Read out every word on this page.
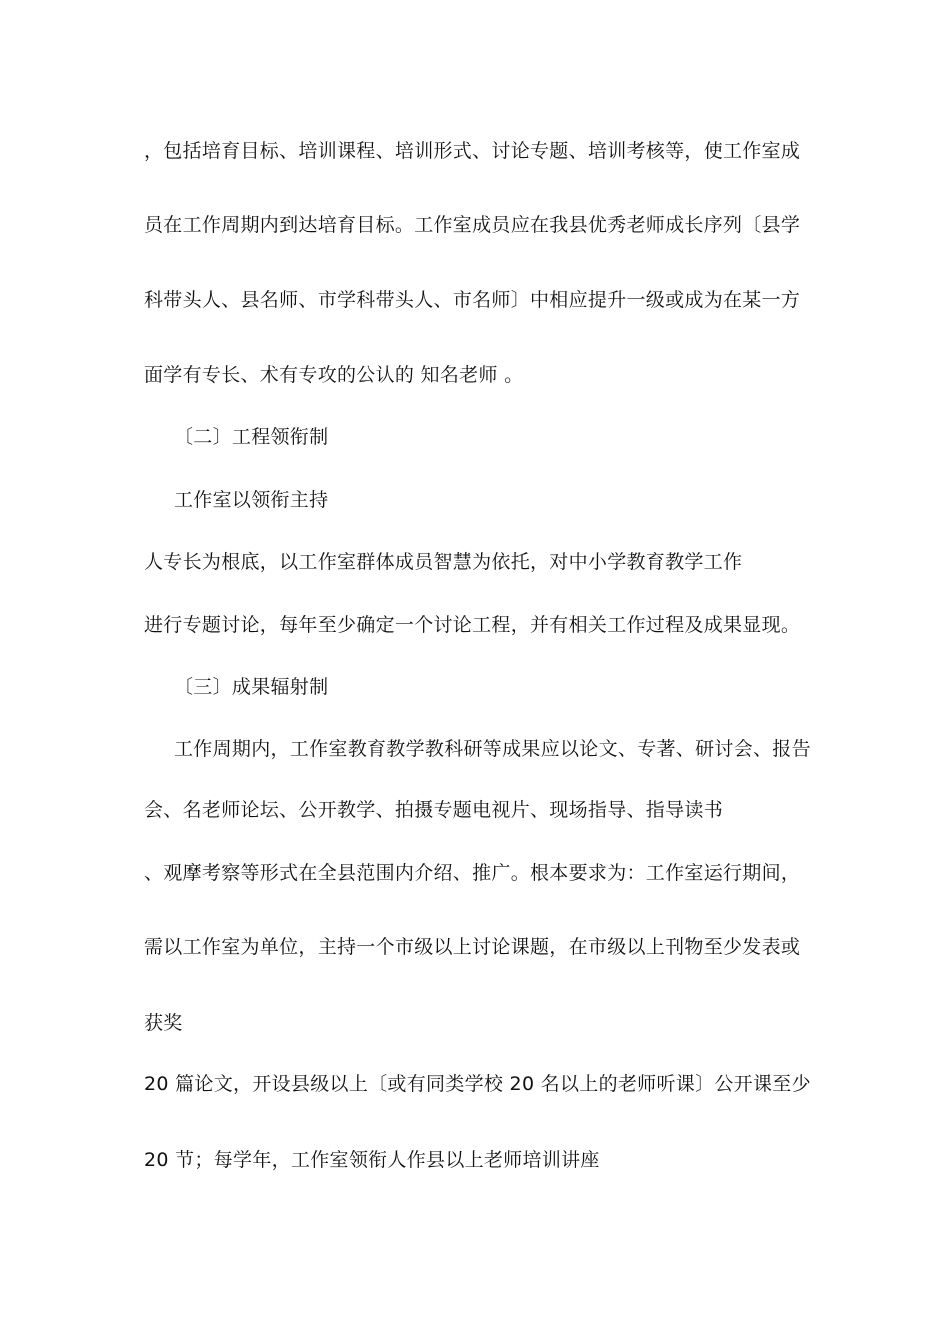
，包括培育目标、培训课程、培训形式、讨论专题、培训考核等，使工作室成
员在工作周期内到达培育目标。工作室成员应在我县优秀老师成长序列〔县学
科带头人、县名师、市学科带头人、市名师〕中相应提升一级或成为在某一方
面学有专长、术有专攻的公认的 知名老师 。
〔二〕工程领衔制
工作室以领衔主持
人专长为根底，以工作室群体成员智慧为依托，对中小学教育教学工作
进行专题讨论，每年至少确定一个讨论工程，并有相关工作过程及成果显现。
〔三〕成果辐射制
工作周期内，工作室教育教学教科研等成果应以论文、专著、研讨会、报告
会、名老师论坛、公开教学、拍摄专题电视片、现场指导、指导读书
、观摩考察等形式在全县范围内介绍、推广。根本要求为：工作室运行期间，
需以工作室为单位，主持一个市级以上讨论课题，在市级以上刊物至少发表或
获奖
20 篇论文，开设县级以上〔或有同类学校 20 名以上的老师听课〕公开课至少
20 节；每学年，工作室领衔人作县以上老师培训讲座
